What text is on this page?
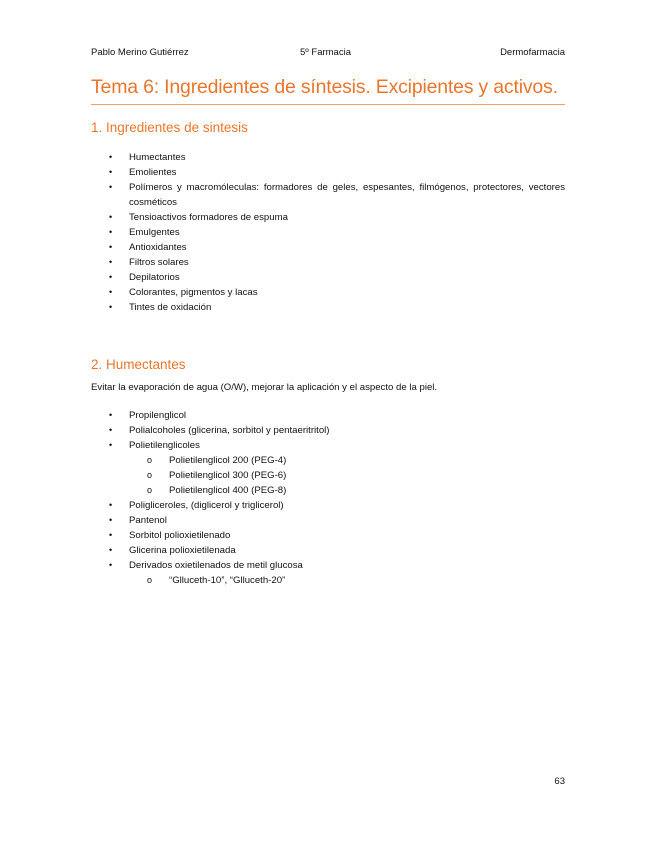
Pablo Merino Gutiérrez	5º Farmacia	Dermofarmacia
Tema 6: Ingredientes de síntesis. Excipientes y activos.
1. Ingredientes de sintesis
• Humectantes
• Emolientes
• Polímeros y macromóleculas: formadores de geles, espesantes, filmógenos, protectores, vectores cosméticos
• Tensioactivos formadores de espuma
• Emulgentes
• Antioxidantes
• Filtros solares
• Depilatorios
• Colorantes, pigmentos y lacas
• Tintes de oxidación
2. Humectantes
Evitar la evaporación de agua (O/W), mejorar la aplicación y el aspecto de la piel.
• Propilenglicol
• Polialcoholes (glicerina, sorbitol y pentaeritritol)
• Polietilenglicoles
o Polietilenglicol 200 (PEG-4)
o Polietilenglicol 300 (PEG-6)
o Polietilenglicol 400 (PEG-8)
• Poligliceroles, (diglicerol y triglicerol)
• Pantenol
• Sorbitol polioxietilenado
• Glicerina polioxietilenada
• Derivados oxietilenados de metil glucosa
o “Glluceth-10”, “Glluceth-20”
63
